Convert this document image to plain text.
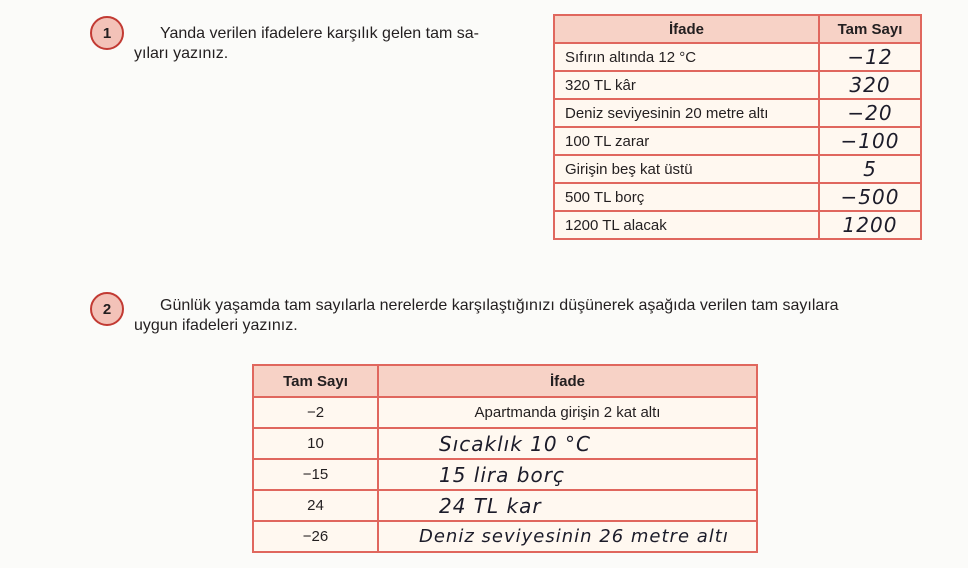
1	Yanda verilen ifadelere karşılık gelen tam sa-
yıları yazınız.
İfade	Tam Sayı
Sıfırın altında 12 °C	−12
320 TL kâr	320
Deniz seviyesinin 20 metre altı	−20
100 TL zarar	−100
Girişin beş kat üstü	5
500 TL borç	−500
1200 TL alacak	1200
2	Günlük yaşamda tam sayılarla nerelerde karşılaştığınızı düşünerek aşağıda verilen tam sayılara
uygun ifadeleri yazınız.
Tam Sayı	İfade
−2	Apartmanda girişin 2 kat altı
10	Sıcaklık 10 °C
−15	15 lira borç
24	24 TL kar
−26	Deniz seviyesinin 26 metre altı
